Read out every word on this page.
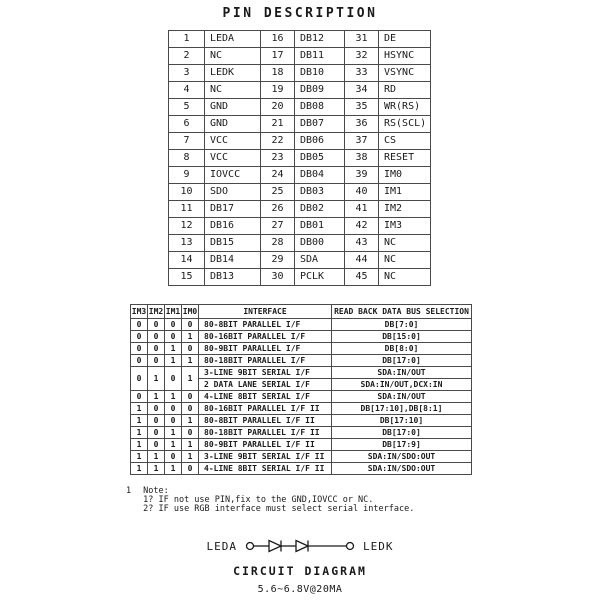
PIN DESCRIPTION
1	LEDA	16	DB12	31	DE
2	NC	17	DB11	32	HSYNC
3	LEDK	18	DB10	33	VSYNC
4	NC	19	DB09	34	RD
5	GND	20	DB08	35	WR(RS)
6	GND	21	DB07	36	RS(SCL)
7	VCC	22	DB06	37	CS
8	VCC	23	DB05	38	RESET
9	IOVCC	24	DB04	39	IM0
10	SDO	25	DB03	40	IM1
11	DB17	26	DB02	41	IM2
12	DB16	27	DB01	42	IM3
13	DB15	28	DB00	43	NC
14	DB14	29	SDA	44	NC
15	DB13	30	PCLK	45	NC
IM3	IM2	IM1	IM0	INTERFACE	READ BACK DATA BUS SELECTION
0	0	0	0	80-8BIT PARALLEL I/F	DB[7:0]
0	0	0	1	80-16BIT PARALLEL I/F	DB[15:0]
0	0	1	0	80-9BIT PARALLEL I/F	DB[8:0]
0	0	1	1	80-18BIT PARALLEL I/F	DB[17:0]
0	1	0	1	3-LINE 9BIT SERIAL I/F	SDA:IN/OUT
				2 DATA LANE SERIAL I/F	SDA:IN/OUT,DCX:IN
0	1	1	0	4-LINE 8BIT SERIAL I/F	SDA:IN/OUT
1	0	0	0	80-16BIT PARALLEL I/F II	DB[17:10],DB[8:1]
1	0	0	1	80-8BIT PARALLEL I/F II	DB[17:10]
1	0	1	0	80-18BIT PARALLEL I/F II	DB[17:0]
1	0	1	1	80-9BIT PARALLEL I/F II	DB[17:9]
1	1	0	1	3-LINE 9BIT SERIAL I/F II	SDA:IN/SDO:OUT
1	1	1	0	4-LINE 8BIT SERIAL I/F II	SDA:IN/SDO:OUT
1 Note:
1? IF not use PIN,fix to the GND,IOVCC or NC.
2? IF use RGB interface must select serial interface.
LEDA	LEDK
CIRCUIT DIAGRAM
5.6~6.8V@20MA
